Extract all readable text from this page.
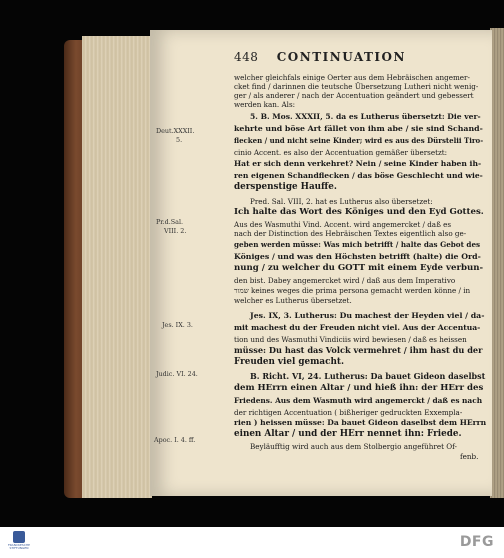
448 CONTINUATION
Deut.XXXII.
5.
Pr.d.Sal.
VIII. 2.
Jes. IX. 3.
Judic. VI. 24.
Apoc. I. 4. ff.
welcher gleichfals einige Oerter aus dem Hebräischen angemer-
cket find / darinnen die teutsche Übersetzung Lutheri nicht wenig-
ger / als anderer / nach der Accentuation geändert und gebessert
werden kan. Als:
5. B. Mos. XXXII, 5. da es Lutherus übersetzt: Die ver-
kehrte und böse Art fället von ihm abe / sie sind Schand-
flecken / und nicht seine Kinder; wird es aus des Dürstelii Tiro-
cinio Accent. es also der Accentuation gemäßer übersetzt:
Hat er sich denn verkehret? Nein / seine Kinder haben ih-
ren eigenen Schandflecken / das böse Geschlecht und wie-
derspenstige Hauffe.
Pred. Sal. VIII, 2. hat es Lutherus also übersetzet:
Ich halte das Wort des Königes und den Eyd Gottes.
Aus des Wasmuthi Vind. Accent. wird angemercket / daß es
nach der Distinction des Hebräischen Textes eigentlich also ge-
geben werden müsse: Was mich betrifft / halte das Gebot des
Königes / und was den Höchsten betrifft (halte) die Ord-
nung / zu welcher du GOTT mit einem Eyde verbun-
den bist. Dabey angemercket wird / daß aus dem Imperativo
שמור keines weges die prima persona gemacht werden könne / in
welcher es Lutherus übersetzet.
Jes. IX, 3. Lutherus: Du machest der Heyden viel / da-
mit machest du der Freuden nicht viel. Aus der Accentua-
tion und des Wasmuthi Vindiciis wird bewiesen / daß es heissen
müsse: Du hast das Volck vermehret / ihm hast du der
Freuden viel gemacht.
B. Richt. VI, 24. Lutherus: Da bauet Gideon daselbst
dem HErrn einen Altar / und hieß ihn: der HErr des
Friedens. Aus dem Wasmuth wird angemerckt / daß es nach
der richtigen Accentuation ( bißheriger gedruckten Exxempla-
rien ) heissen müsse: Da bauet Gideon daselbst dem HErrn
einen Altar / und der HErr nennet ihn: Friede.
Beyläufftig wird auch aus dem Stolbergio angeführet Of-
fenb.
FRANCKESCHE STIFTUNGEN	DFG
